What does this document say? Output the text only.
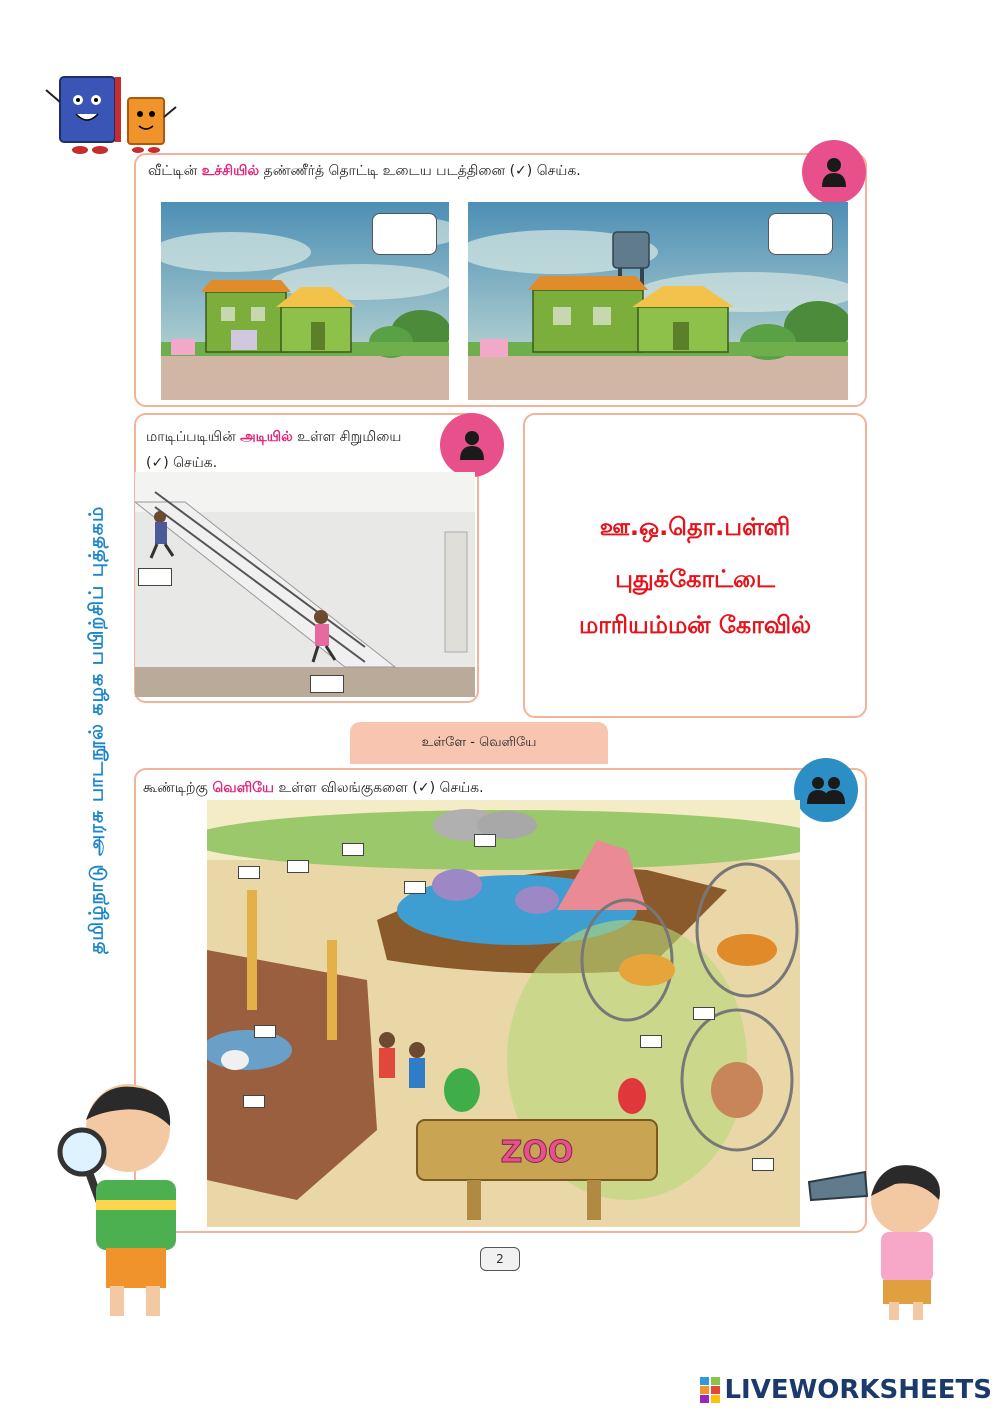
தமிழ்நாடு அரசு பாடநூல் கழக பயிற்சிப் புத்தகம்
வீட்டின் உச்சியில் தண்ணீர்த் தொட்டி உடைய படத்தினை (✓) செய்க.
மாடிப்படியின் அடியில் உள்ள சிறுமியை
(✓) செய்க.
ஊ.ஒ.தொ.பள்ளி
புதுக்கோட்டை
மாரியம்மன் கோவில்
உள்ளே - வெளியே
கூண்டிற்கு வெளியே உள்ள விலங்குகளை (✓) செய்க.
ZOO
2
LIVEWORKSHEETS
